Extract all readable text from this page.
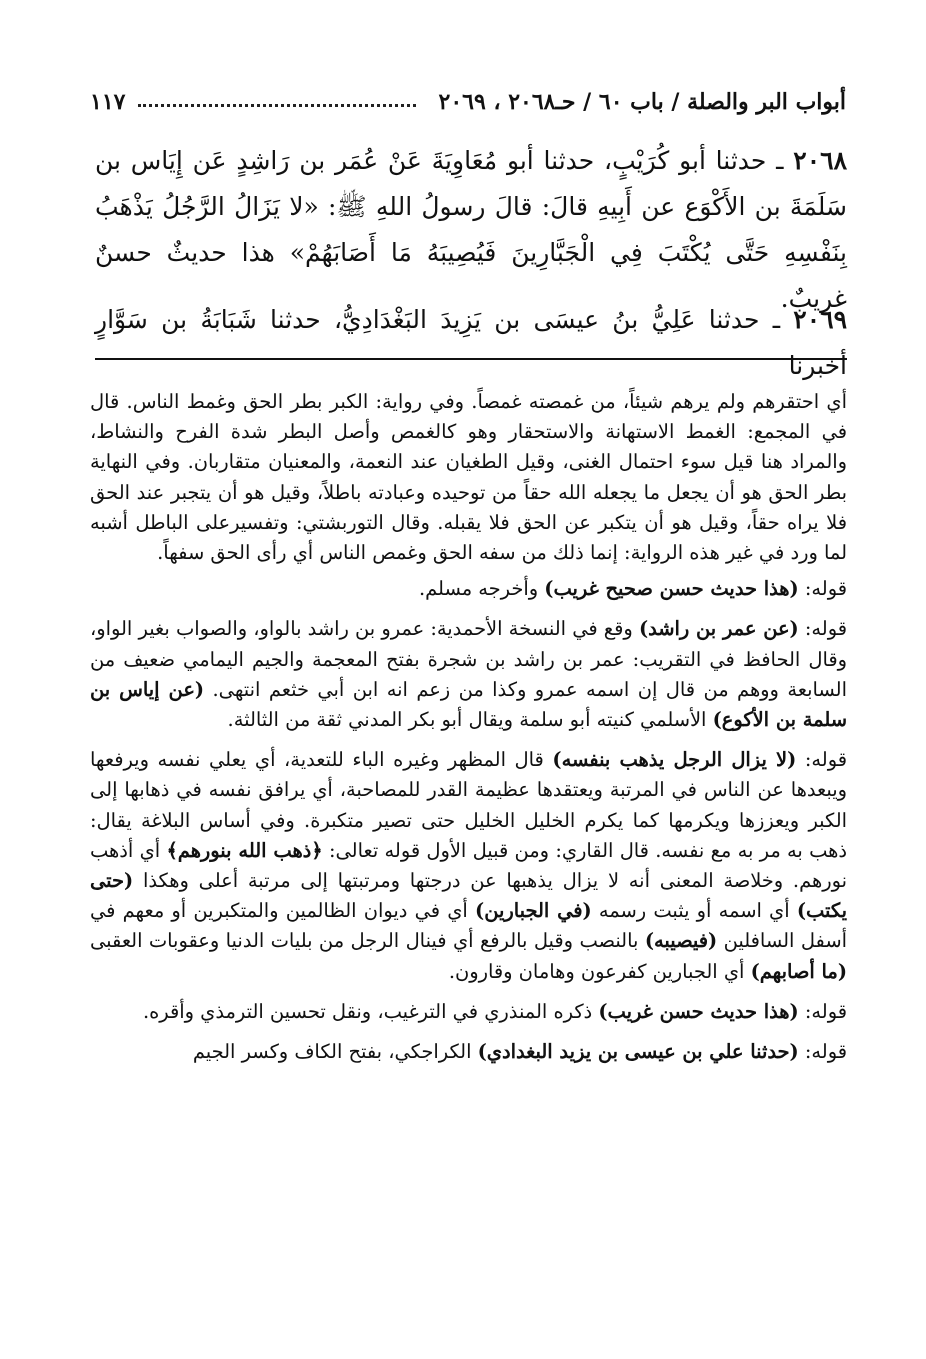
أبواب البر والصلة / باب ٦٠ / حـ٢٠٦٨ ، ٢٠٦٩
١١٧
٢٠٦٨ ـ حدثنا أبو كُرَيْبٍ، حدثنا أبو مُعَاوِيَةَ عَنْ عُمَر بن رَاشِدٍ عَن إِيَاس بن سَلَمَةَ بن الأَكْوَع عن أَبِيهِ قالَ: قالَ رسولُ اللهِ ﷺ: «لا يَزَالُ الرَّجُلُ يَذْهَبُ بِنَفْسِهِ حَتَّى يُكْتَبَ فِي الْجَبَّارِينَ فَيُصِيبَهُ مَا أَصَابَهُمْ» هذا حديثٌ حسنٌ غريبٌ.
٢٠٦٩ ـ حدثنا عَلِيُّ بنُ عيسَى بن يَزِيدَ البَغْدَادِيُّ، حدثنا شَبَابَةُ بن سَوَّارٍ أخبرنا

أي احتقرهم ولم يرهم شيئاً، من غمصته غمصاً. وفي رواية: الكبر بطر الحق وغمط الناس. قال في المجمع: الغمط الاستهانة والاستحقار وهو كالغمص وأصل البطر شدة الفرح والنشاط، والمراد هنا قيل سوء احتمال الغنى، وقيل الطغيان عند النعمة، والمعنيان متقاربان. وفي النهاية بطر الحق هو أن يجعل ما يجعله الله حقاً من توحيده وعبادته باطلاً، وقيل هو أن يتجبر عند الحق فلا يراه حقاً، وقيل هو أن يتكبر عن الحق فلا يقبله. وقال التوربشتي: وتفسيرعلى الباطل أشبه لما ورد في غير هذه الرواية: إنما ذلك من سفه الحق وغمص الناس أي رأى الحق سفهاً.

قوله: (هذا حديث حسن صحيح غريب) وأخرجه مسلم.

قوله: (عن عمر بن راشد) وقع في النسخة الأحمدية: عمرو بن راشد بالواو، والصواب بغير الواو، وقال الحافظ في التقريب: عمر بن راشد بن شجرة بفتح المعجمة والجيم اليمامي ضعيف من السابعة ووهم من قال إن اسمه عمرو وكذا من زعم انه ابن أبي خثعم انتهى. (عن إياس بن سلمة بن الأكوع) الأسلمي كنيته أبو سلمة ويقال أبو بكر المدني ثقة من الثالثة.

قوله: (لا يزال الرجل يذهب بنفسه) قال المظهر وغيره الباء للتعدية، أي يعلي نفسه ويرفعها ويبعدها عن الناس في المرتبة ويعتقدها عظيمة القدر للمصاحبة، أي يرافق نفسه في ذهابها إلى الكبر ويعززها ويكرمها كما يكرم الخليل الخليل حتى تصير متكبرة. وفي أساس البلاغة يقال: ذهب به مر به مع نفسه. قال القاري: ومن قبيل الأول قوله تعالى: ﴿ذهب الله بنورهم﴾ أي أذهب نورهم. وخلاصة المعنى أنه لا يزال يذهبها عن درجتها ومرتبتها إلى مرتبة أعلى وهكذا (حتى يكتب) أي اسمه أو يثبت رسمه (في الجبارين) أي في ديوان الظالمين والمتكبرين أو معهم في أسفل السافلين (فيصيبه) بالنصب وقيل بالرفع أي فينال الرجل من بليات الدنيا وعقوبات العقبى (ما أصابهم) أي الجبارين كفرعون وهامان وقارون.

قوله: (هذا حديث حسن غريب) ذكره المنذري في الترغيب، ونقل تحسين الترمذي وأقره.

قوله: (حدثنا علي بن عيسى بن يزيد البغدادي) الكراجكي، بفتح الكاف وكسر الجيم
